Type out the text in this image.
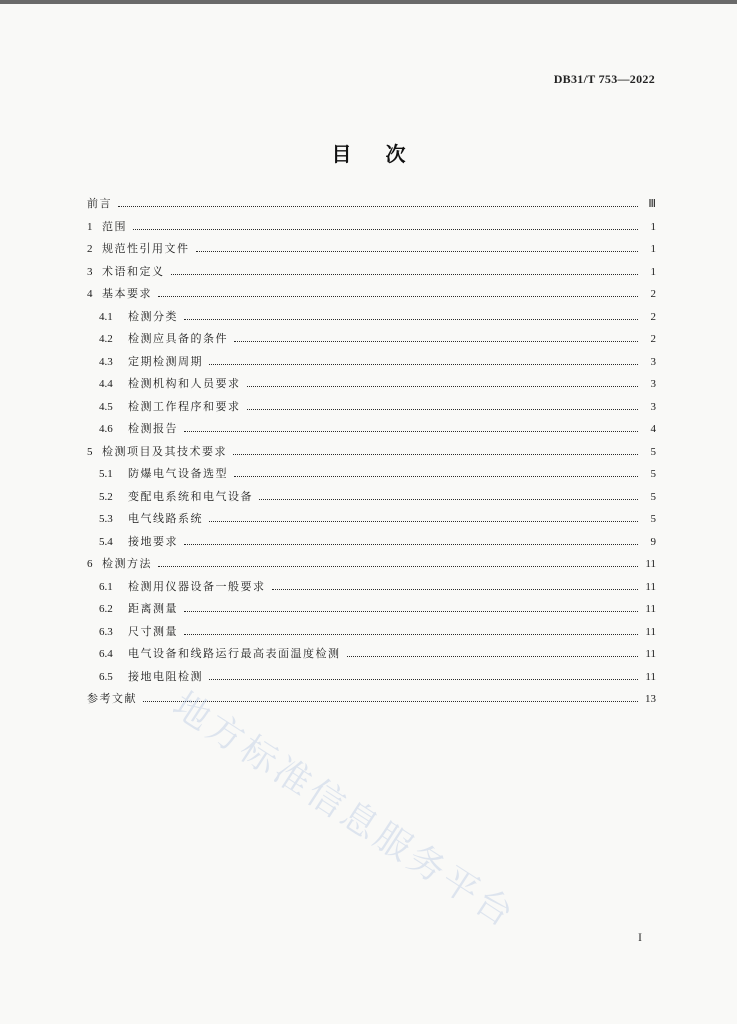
DB31/T 753—2022
目次
前言	Ⅲ
1 范围	1
2 规范性引用文件	1
3 术语和定义	1
4 基本要求	2
4.1	检测分类	2
4.2	检测应具备的条件	2
4.3	定期检测周期	3
4.4	检测机构和人员要求	3
4.5	检测工作程序和要求	3
4.6	检测报告	4
5 检测项目及其技术要求	5
5.1	防爆电气设备选型	5
5.2	变配电系统和电气设备	5
5.3	电气线路系统	5
5.4	接地要求	9
6 检测方法	11
6.1	检测用仪器设备一般要求	11
6.2	距离测量	11
6.3	尺寸测量	11
6.4	电气设备和线路运行最高表面温度检测	11
6.5	接地电阻检测	11
参考文献	13
地方标准信息服务平台
I
